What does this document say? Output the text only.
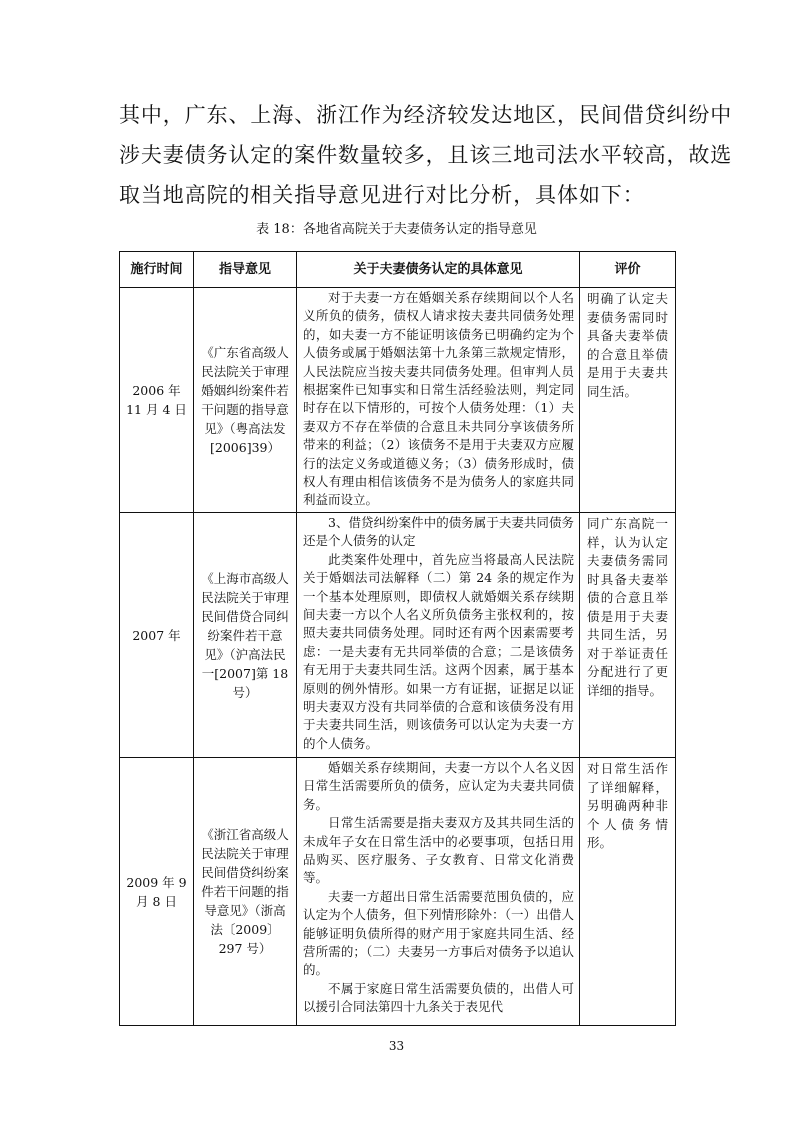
其中，广东、上海、浙江作为经济较发达地区，民间借贷纠纷中
涉夫妻债务认定的案件数量较多，且该三地司法水平较高，故选
取当地高院的相关指导意见进行对比分析，具体如下：
表 18：各地省高院关于夫妻债务认定的指导意见
施行时间	指导意见	关于夫妻债务认定的具体意见	评价
2006 年 11 月 4 日	《广东省高级人民法院关于审理婚姻纠纷案件若干问题的指导意见》（粤高法发[2006]39）	对于夫妻一方在婚姻关系存续期间以个人名义所负的债务，债权人请求按夫妻共同债务处理的，如夫妻一方不能证明该债务已明确约定为个人债务或属于婚姻法第十九条第三款规定情形，人民法院应当按夫妻共同债务处理。但审判人员根据案件已知事实和日常生活经验法则，判定同时存在以下情形的，可按个人债务处理：（1）夫妻双方不存在举债的合意且未共同分享该债务所带来的利益；（2）该债务不是用于夫妻双方应履行的法定义务或道德义务；（3）债务形成时，债权人有理由相信该债务不是为债务人的家庭共同利益而设立。	明确了认定夫妻债务需同时具备夫妻举债的合意且举债是用于夫妻共同生活。
2007 年	《上海市高级人民法院关于审理民间借贷合同纠纷案件若干意见》（沪高法民一[2007]第 18 号）	3、借贷纠纷案件中的债务属于夫妻共同债务还是个人债务的认定

此类案件处理中，首先应当将最高人民法院关于婚姻法司法解释（二）第 24 条的规定作为一个基本处理原则，即债权人就婚姻关系存续期间夫妻一方以个人名义所负债务主张权利的，按照夫妻共同债务处理。同时还有两个因素需要考虑：一是夫妻有无共同举债的合意；二是该债务有无用于夫妻共同生活。这两个因素，属于基本原则的例外情形。如果一方有证据，证据足以证明夫妻双方没有共同举债的合意和该债务没有用于夫妻共同生活，则该债务可以认定为夫妻一方的个人债务。	同广东高院一样，认为认定夫妻债务需同时具备夫妻举债的合意且举债是用于夫妻共同生活，另对于举证责任分配进行了更详细的指导。
2009 年 9 月 8 日	《浙江省高级人民法院关于审理民间借贷纠纷案件若干问题的指导意见》（浙高法〔2009〕297 号）	婚姻关系存续期间，夫妻一方以个人名义因日常生活需要所负的债务，应认定为夫妻共同债务。

日常生活需要是指夫妻双方及其共同生活的未成年子女在日常生活中的必要事项，包括日用品购买、医疗服务、子女教育、日常文化消费等。

夫妻一方超出日常生活需要范围负债的，应认定为个人债务，但下列情形除外：（一）出借人能够证明负债所得的财产用于家庭共同生活、经营所需的；（二）夫妻另一方事后对债务予以追认的。

不属于家庭日常生活需要负债的，出借人可以援引合同法第四十九条关于表见代	对日常生活作了详细解释，另明确两种非个人债务情形。
33
